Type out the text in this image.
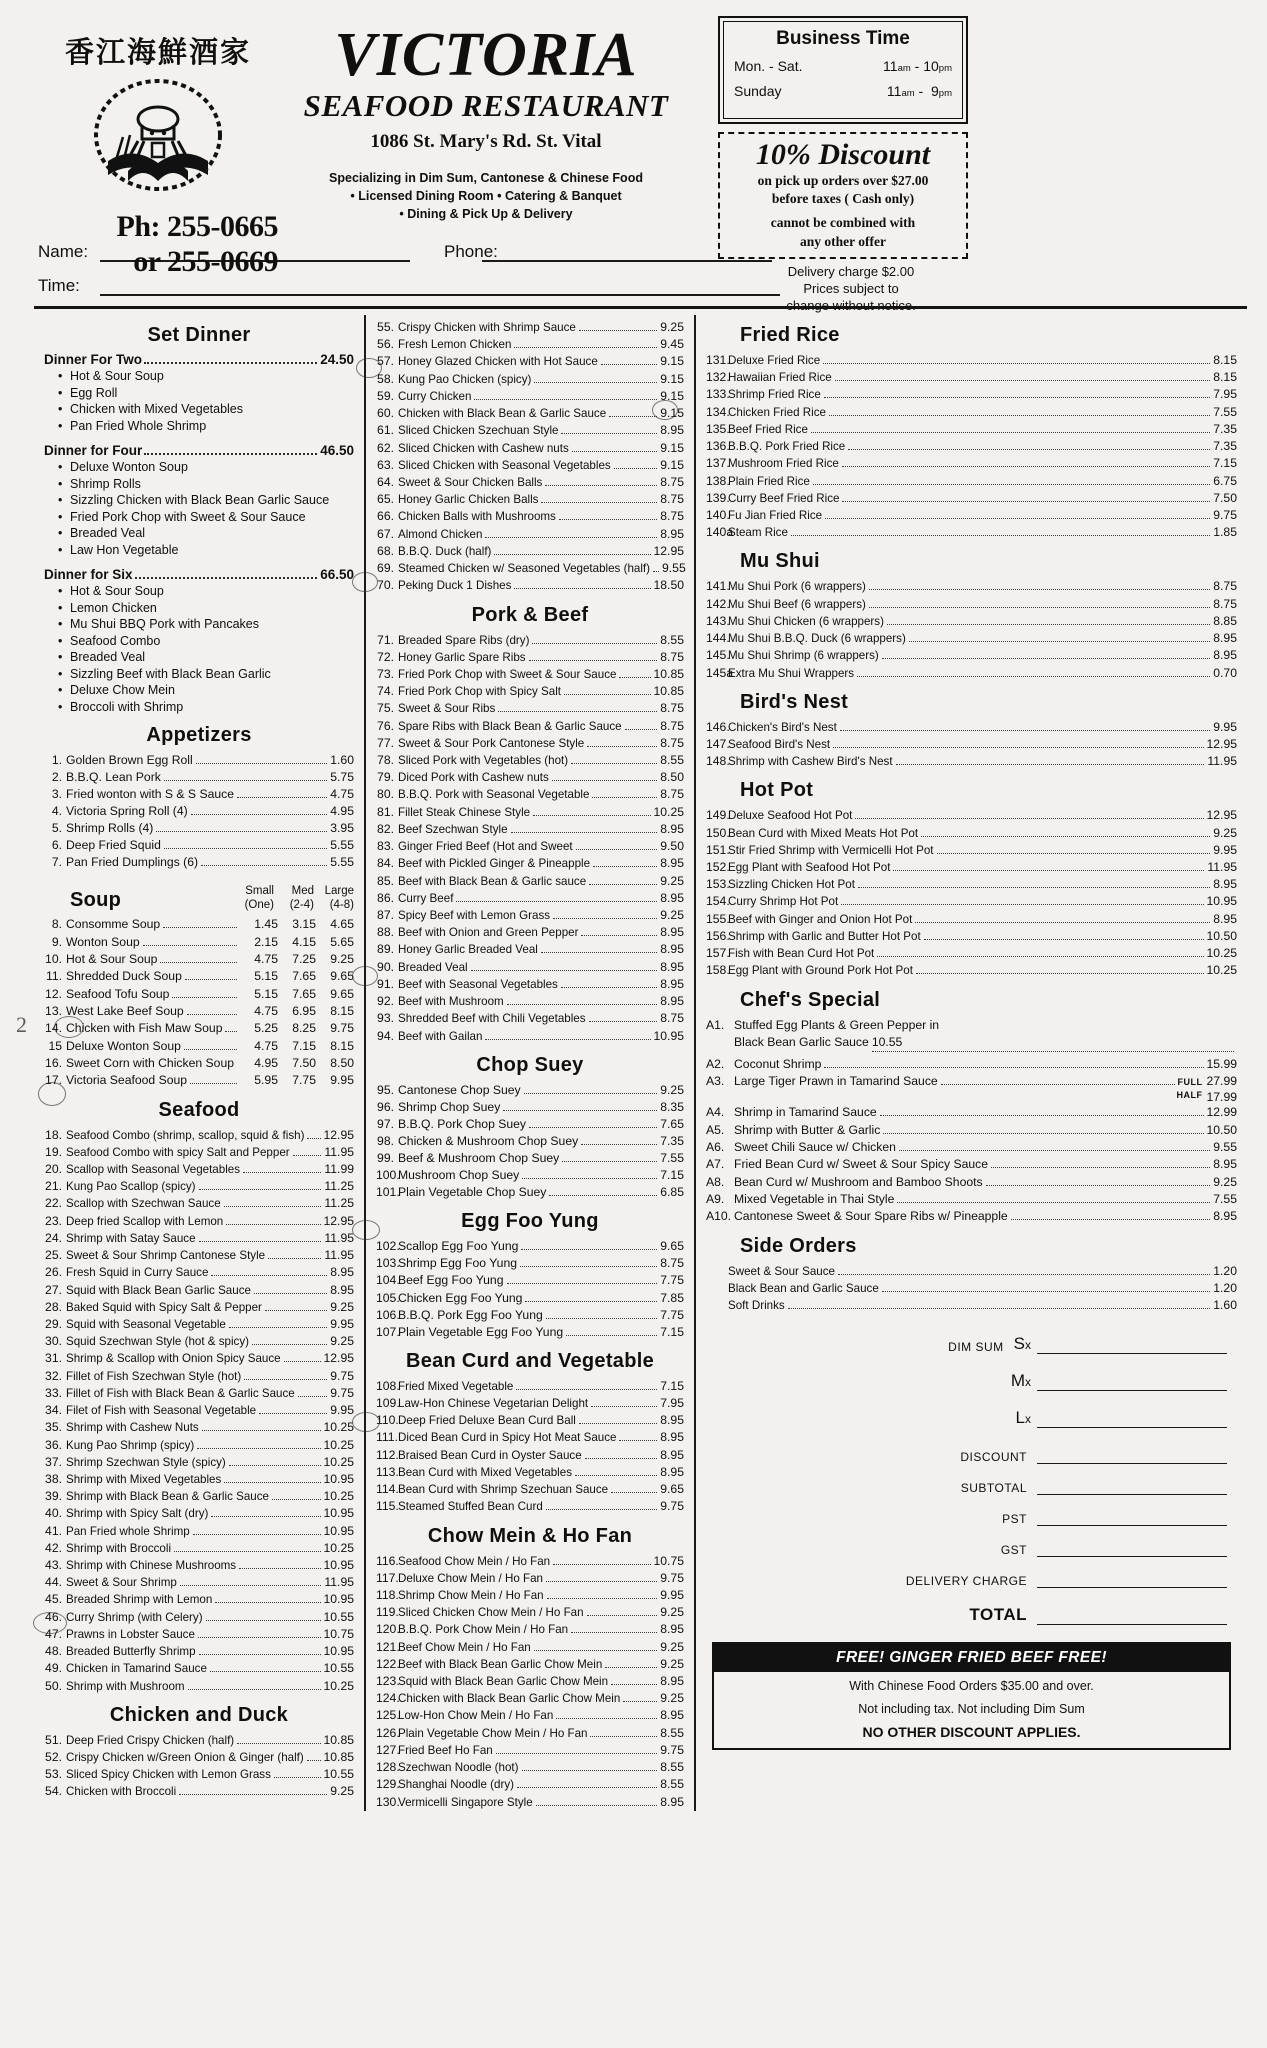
香江海鮮酒家
Ph: 255-0665
or 255-0669
VICTORIA
SEAFOOD RESTAURANT
1086 St. Mary's Rd. St. Vital
Specializing in Dim Sum, Cantonese & Chinese Food
• Licensed Dining Room • Catering & Banquet
• Dining & Pick Up & Delivery
Business Time
Mon. - Sat.	11am - 10pm
Sunday	11am - 9pm
10% Discount
on pick up orders over $27.00
before taxes ( Cash only)
cannot be combined with
any other offer
Delivery charge $2.00
Prices subject to
change without notice.
Name:	Phone:
Time:
Set Dinner
Dinner For Two	24.50
• Hot & Sour Soup
• Egg Roll
• Chicken with Mixed Vegetables
• Pan Fried Whole Shrimp
Dinner for Four	46.50
• Deluxe Wonton Soup
• Shrimp Rolls
• Sizzling Chicken with Black Bean Garlic Sauce
• Fried Pork Chop with Sweet & Sour Sauce
• Breaded Veal
• Law Hon Vegetable
Dinner for Six	66.50
• Hot & Sour Soup
• Lemon Chicken
• Mu Shui BBQ Pork with Pancakes
• Seafood Combo
• Breaded Veal
• Sizzling Beef with Black Bean Garlic
• Deluxe Chow Mein
• Broccoli with Shrimp
Appetizers
1. Golden Brown Egg Roll	1.60
2. B.B.Q. Lean Pork	5.75
3. Fried wonton with S & S Sauce	4.75
4. Victoria Spring Roll (4)	4.95
5. Shrimp Rolls (4)	3.95
6. Deep Fried Squid	5.55
7. Pan Fried Dumplings (6)	5.55
Soup	Small	Med Large
(One)	(2-4)	(4-8)
8. Consomme Soup	1.45	3.15	4.65
9. Wonton Soup	2.15	4.15	5.65
10. Hot & Sour Soup	4.75	7.25	9.25
11. Shredded Duck Soup	5.15	7.65	9.65
12. Seafood Tofu Soup	5.15	7.65	9.65
13. West Lake Beef Soup	4.75	6.95	8.15
14. Chicken with Fish Maw Soup	5.25	8.25	9.75
15 Deluxe Wonton Soup	4.75	7.15	8.15
16. Sweet Corn with Chicken Soup	4.95	7.50	8.50
17. Victoria Seafood Soup	5.95	7.75	9.95
Seafood
18. Seafood Combo (shrimp, scallop, squid & fish) 12.95
19. Seafood Combo with spicy Salt and Pepper	11.95
20. Scallop with Seasonal Vegetables	11.99
21. Kung Pao Scallop (spicy)	11.25
22. Scallop with Szechwan Sauce	11.25
23. Deep fried Scallop with Lemon	12.95
24. Shrimp with Satay Sauce	11.95
25. Sweet & Sour Shrimp Cantonese Style	11.95
26. Fresh Squid in Curry Sauce	8.95
27. Squid with Black Bean Garlic Sauce	8.95
28. Baked Squid with Spicy Salt & Pepper	9.25
29. Squid with Seasonal Vegetable	9.95
30. Squid Szechwan Style (hot & spicy)	9.25
31. Shrimp & Scallop with Onion Spicy Sauce	12.95
32. Fillet of Fish Szechwan Style (hot)	9.75
33. Fillet of Fish with Black Bean & Garlic Sauce	9.75
34. Filet of Fish with Seasonal Vegetable	9.95
35. Shrimp with Cashew Nuts	10.25
36. Kung Pao Shrimp (spicy)	10.25
37. Shrimp Szechwan Style (spicy)	10.25
38. Shrimp with Mixed Vegetables	10.95
39. Shrimp with Black Bean & Garlic Sauce	10.25
40. Shrimp with Spicy Salt (dry)	10.95
41. Pan Fried whole Shrimp	10.95
42. Shrimp with Broccoli	10.25
43. Shrimp with Chinese Mushrooms	10.95
44. Sweet & Sour Shrimp	11.95
45. Breaded Shrimp with Lemon	10.95
46. Curry Shrimp (with Celery)	10.55
47. Prawns in Lobster Sauce	10.75
48. Breaded Butterfly Shrimp	10.95
49. Chicken in Tamarind Sauce	10.55
50. Shrimp with Mushroom	10.25
Chicken and Duck
51. Deep Fried Crispy Chicken (half)	10.85
52. Crispy Chicken w/Green Onion & Ginger (half) 10.85
53. Sliced Spicy Chicken with Lemon Grass	10.55
54. Chicken with Broccoli	9.25
55. Crispy Chicken with Shrimp Sauce	9.25
56. Fresh Lemon Chicken	9.45
57. Honey Glazed Chicken with Hot Sauce	9.15
58. Kung Pao Chicken (spicy)	9.15
59. Curry Chicken	9.15
60. Chicken with Black Bean & Garlic Sauce	9.15
61. Sliced Chicken Szechuan Style	8.95
62. Sliced Chicken with Cashew nuts	9.15
63. Sliced Chicken with Seasonal Vegetables	9.15
64. Sweet & Sour Chicken Balls	8.75
65. Honey Garlic Chicken Balls	8.75
66. Chicken Balls with Mushrooms	8.75
67. Almond Chicken	8.95
68. B.B.Q. Duck (half)	12.95
69. Steamed Chicken w/ Seasoned Vegetables (half) 9.55
70. Peking Duck 1 Dishes	18.50
Pork & Beef
71. Breaded Spare Ribs (dry)	8.55
72. Honey Garlic Spare Ribs	8.75
73. Fried Pork Chop with Sweet & Sour Sauce	10.85
74. Fried Pork Chop with Spicy Salt	10.85
75. Sweet & Sour Ribs	8.75
76. Spare Ribs with Black Bean & Garlic Sauce	8.75
77. Sweet & Sour Pork Cantonese Style	8.75
78. Sliced Pork with Vegetables (hot)	8.55
79. Diced Pork with Cashew nuts	8.50
80. B.B.Q. Pork with Seasonal Vegetable	8.75
81. Fillet Steak Chinese Style	10.25
82. Beef Szechwan Style	8.95
83. Ginger Fried Beef (Hot and Sweet	9.50
84. Beef with Pickled Ginger & Pineapple	8.95
85. Beef with Black Bean & Garlic sauce	9.25
86. Curry Beef	8.95
87. Spicy Beef with Lemon Grass	9.25
88. Beef with Onion and Green Pepper	8.95
89. Honey Garlic Breaded Veal	8.95
90. Breaded Veal	8.95
91. Beef with Seasonal Vegetables	8.95
92. Beef with Mushroom	8.95
93. Shredded Beef with Chili Vegetables	8.75
94. Beef with Gailan	10.95
Chop Suey
95. Cantonese Chop Suey	9.25
96. Shrimp Chop Suey	8.35
97. B.B.Q. Pork Chop Suey	7.65
98. Chicken & Mushroom Chop Suey	7.35
99. Beef & Mushroom Chop Suey	7.55
100.
Mushroom Chop Suey	7.15
101.
Plain Vegetable Chop Suey	6.85
Egg Foo Yung
102.
Scallop Egg Foo Yung	9.65
103.
Shrimp Egg Foo Yung	8.75
104.
Beef Egg Foo Yung	7.75
105.
Chicken Egg Foo Yung	7.85
106.
B.B.Q. Pork Egg Foo Yung	7.75
107.
Plain Vegetable Egg Foo Yung	7.15
Bean Curd and Vegetable
108.
Fried Mixed Vegetable	7.15
109.
Law-Hon Chinese Vegetarian Delight	7.95
110. Deep Fried Deluxe Bean Curd Ball	8.95
111. Diced Bean Curd in Spicy Hot Meat Sauce	8.95
112. Braised Bean Curd in Oyster Sauce	8.95
113. Bean Curd with Mixed Vegetables	8.95
114. Bean Curd with Shrimp Szechuan Sauce	9.65
115. Steamed Stuffed Bean Curd	9.75
Chow Mein & Ho Fan
116. Seafood Chow Mein / Ho Fan	10.75
117. Deluxe Chow Mein / Ho Fan	9.75
118. Shrimp Chow Mein / Ho Fan	9.95
119. Sliced Chicken Chow Mein / Ho Fan	9.25
120.
B.B.Q. Pork Chow Mein / Ho Fan	8.95
121.
Beef Chow Mein / Ho Fan	9.25
122.
Beef with Black Bean Garlic Chow Mein	9.25
123.
Squid with Black Bean Garlic Chow Mein	8.95
124.
Chicken with Black Bean Garlic Chow Mein	9.25
125.
Low-Hon Chow Mein / Ho Fan	8.95
126.
Plain Vegetable Chow Mein / Ho Fan	8.55
127.
Fried Beef Ho Fan	9.75
128.
Szechwan Noodle (hot)	8.55
129.
Shanghai Noodle (dry)	8.55
130.
Vermicelli Singapore Style	8.95
Fried Rice
131.
Deluxe Fried Rice	8.15
132.
Hawaiian Fried Rice	8.15
133.
Shrimp Fried Rice	7.95
134.
Chicken Fried Rice	7.55
135.
Beef Fried Rice	7.35
136.
B.B.Q. Pork Fried Rice	7.35
137.
Mushroom Fried Rice	7.15
138.
Plain Fried Rice	6.75
139.
Curry Beef Fried Rice	7.50
140.
Fu Jian Fried Rice	9.75
140a
Steam Rice	1.85
Mu Shui
141.
Mu Shui Pork (6 wrappers)	8.75
142.
Mu Shui Beef (6 wrappers)	8.75
143.
Mu Shui Chicken (6 wrappers)	8.85
144.
Mu Shui B.B.Q. Duck (6 wrappers)	8.95
145.
Mu Shui Shrimp (6 wrappers)	8.95
145a
Extra Mu Shui Wrappers	0.70
Bird's Nest
146.
Chicken's Bird's Nest	9.95
147.
Seafood Bird's Nest	12.95
148.
Shrimp with Cashew Bird's Nest	11.95
Hot Pot
149.
Deluxe Seafood Hot Pot	12.95
150.
Bean Curd with Mixed Meats Hot Pot	9.25
151.
Stir Fried Shrimp with Vermicelli Hot Pot	9.95
152.
Egg Plant with Seafood Hot Pot	11.95
153.
Sizzling Chicken Hot Pot	8.95
154.
Curry Shrimp Hot Pot	10.95
155.
Beef with Ginger and Onion Hot Pot	8.95
156.
Shrimp with Garlic and Butter Hot Pot	10.50
157.
Fish with Bean Curd Hot Pot	10.25
158.
Egg Plant with Ground Pork Hot Pot	10.25
Chef's Special
A1. Stuffed Egg Plants & Green Pepper in
Black Bean Garlic Sauce 10.55
A2. Coconut Shrimp	15.99
A3. Large Tiger Prawn in Tamarind Sauce	FULL 27.99
HALF 17.99
A4. Shrimp in Tamarind Sauce	12.99
A5. Shrimp with Butter & Garlic	10.50
A6. Sweet Chili Sauce w/ Chicken	9.55
A7. Fried Bean Curd w/ Sweet & Sour Spicy Sauce	8.95
A8. Bean Curd w/ Mushroom and Bamboo Shoots	9.25
A9. Mixed Vegetable in Thai Style	7.55
A10. Cantonese Sweet & Sour Spare Ribs w/ Pineapple	8.95
Side Orders
Sweet & Sour Sauce	1.20
Black Bean and Garlic Sauce	1.20
Soft Drinks	1.60
DIM SUM Sx
Mx
Lx
DISCOUNT
SUBTOTAL
PST
GST
DELIVERY CHARGE
TOTAL
FREE! GINGER FRIED BEEF FREE!
With Chinese Food Orders $35.00 and over.
Not including tax. Not including Dim Sum
NO OTHER DISCOUNT APPLIES.
2
